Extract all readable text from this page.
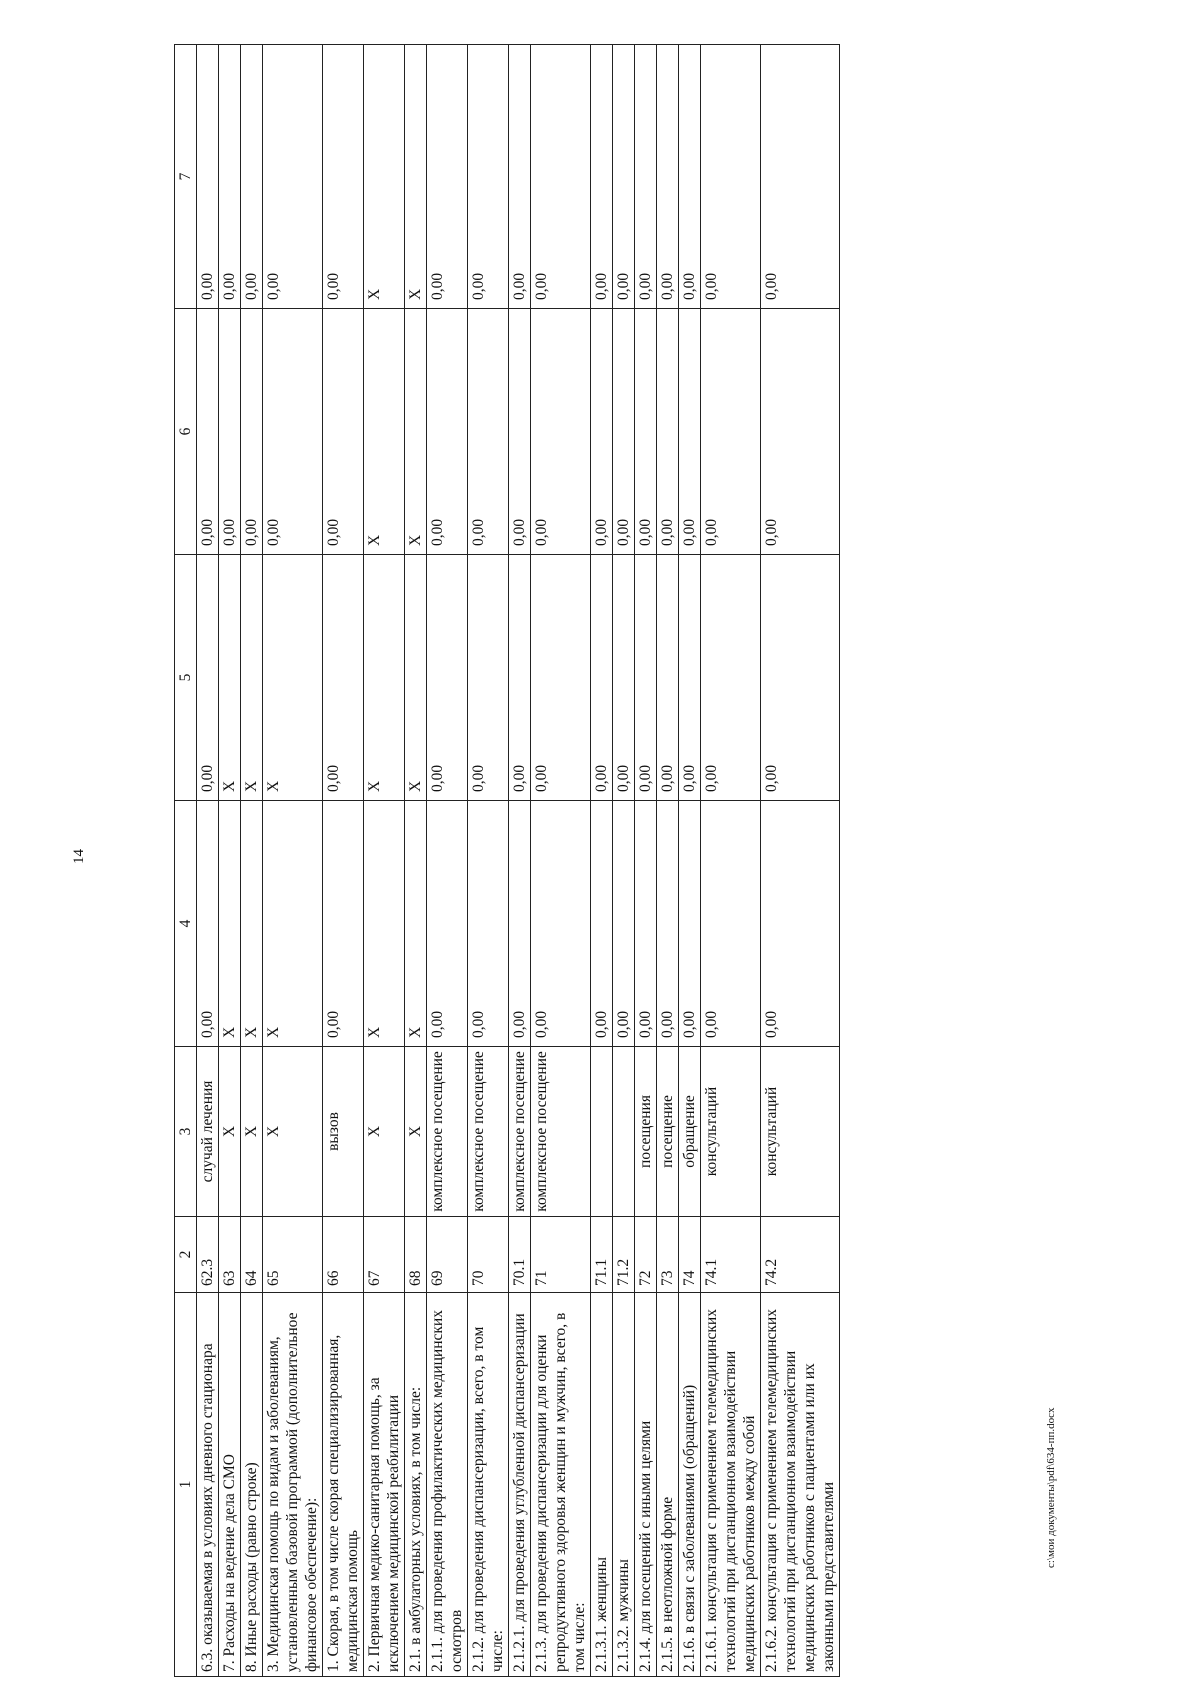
14
1	2	3	4	5	6	7
6.3. оказываемая в условиях дневного стационара	62.3	случай лечения	0,00	0,00	0,00	0,00
7. Расходы на ведение дела СМО	63	Х	Х	Х	0,00	0,00
8. Иные расходы (равно строке)	64	Х	Х	Х	0,00	0,00
3. Медицинская помощь по видам и заболеваниям, установленным базовой программой (дополнительное финансовое обеспечение):	65	Х	Х	Х	0,00	0,00
1. Скорая, в том числе скорая специализированная, медицинская помощь	66	вызов	0,00	0,00	0,00	0,00
2. Первичная медико-санитарная помощь, за исключением медицинской реабилитации	67	Х	Х	Х	Х	Х
2.1. в амбулаторных условиях, в том числе:	68	Х	Х	Х	Х	Х
2.1.1. для проведения профилактических медицинских осмотров	69	комплексное посещение	0,00	0,00	0,00	0,00
2.1.2. для проведения диспансеризации, всего, в том числе:	70	комплексное посещение	0,00	0,00	0,00	0,00
2.1.2.1. для проведения углубленной диспансеризации	70.1	комплексное посещение	0,00	0,00	0,00	0,00
2.1.3. для проведения диспансеризации для оценки репродуктивного здоровья женщин и мужчин, всего, в том числе:	71	комплексное посещение	0,00	0,00	0,00	0,00
2.1.3.1. женщины	71.1		0,00	0,00	0,00	0,00
2.1.3.2. мужчины	71.2		0,00	0,00	0,00	0,00
2.1.4. для посещений с иными целями	72	посещения	0,00	0,00	0,00	0,00
2.1.5. в неотложной форме	73	посещение	0,00	0,00	0,00	0,00
2.1.6. в связи с заболеваниями (обращений)	74	обращение	0,00	0,00	0,00	0,00
2.1.6.1. консультация с применением телемедицинских технологий при дистанционном взаимодействии медицинских работников между собой	74.1	консультаций	0,00	0,00	0,00	0,00
2.1.6.2. консультация с применением телемедицинских технологий при дистанционном взаимодействии медицинских работников с пациентами или их законными представителями	74.2	консультаций	0,00	0,00	0,00	0,00
c:\мои документы\pdf\634-пп.docx
